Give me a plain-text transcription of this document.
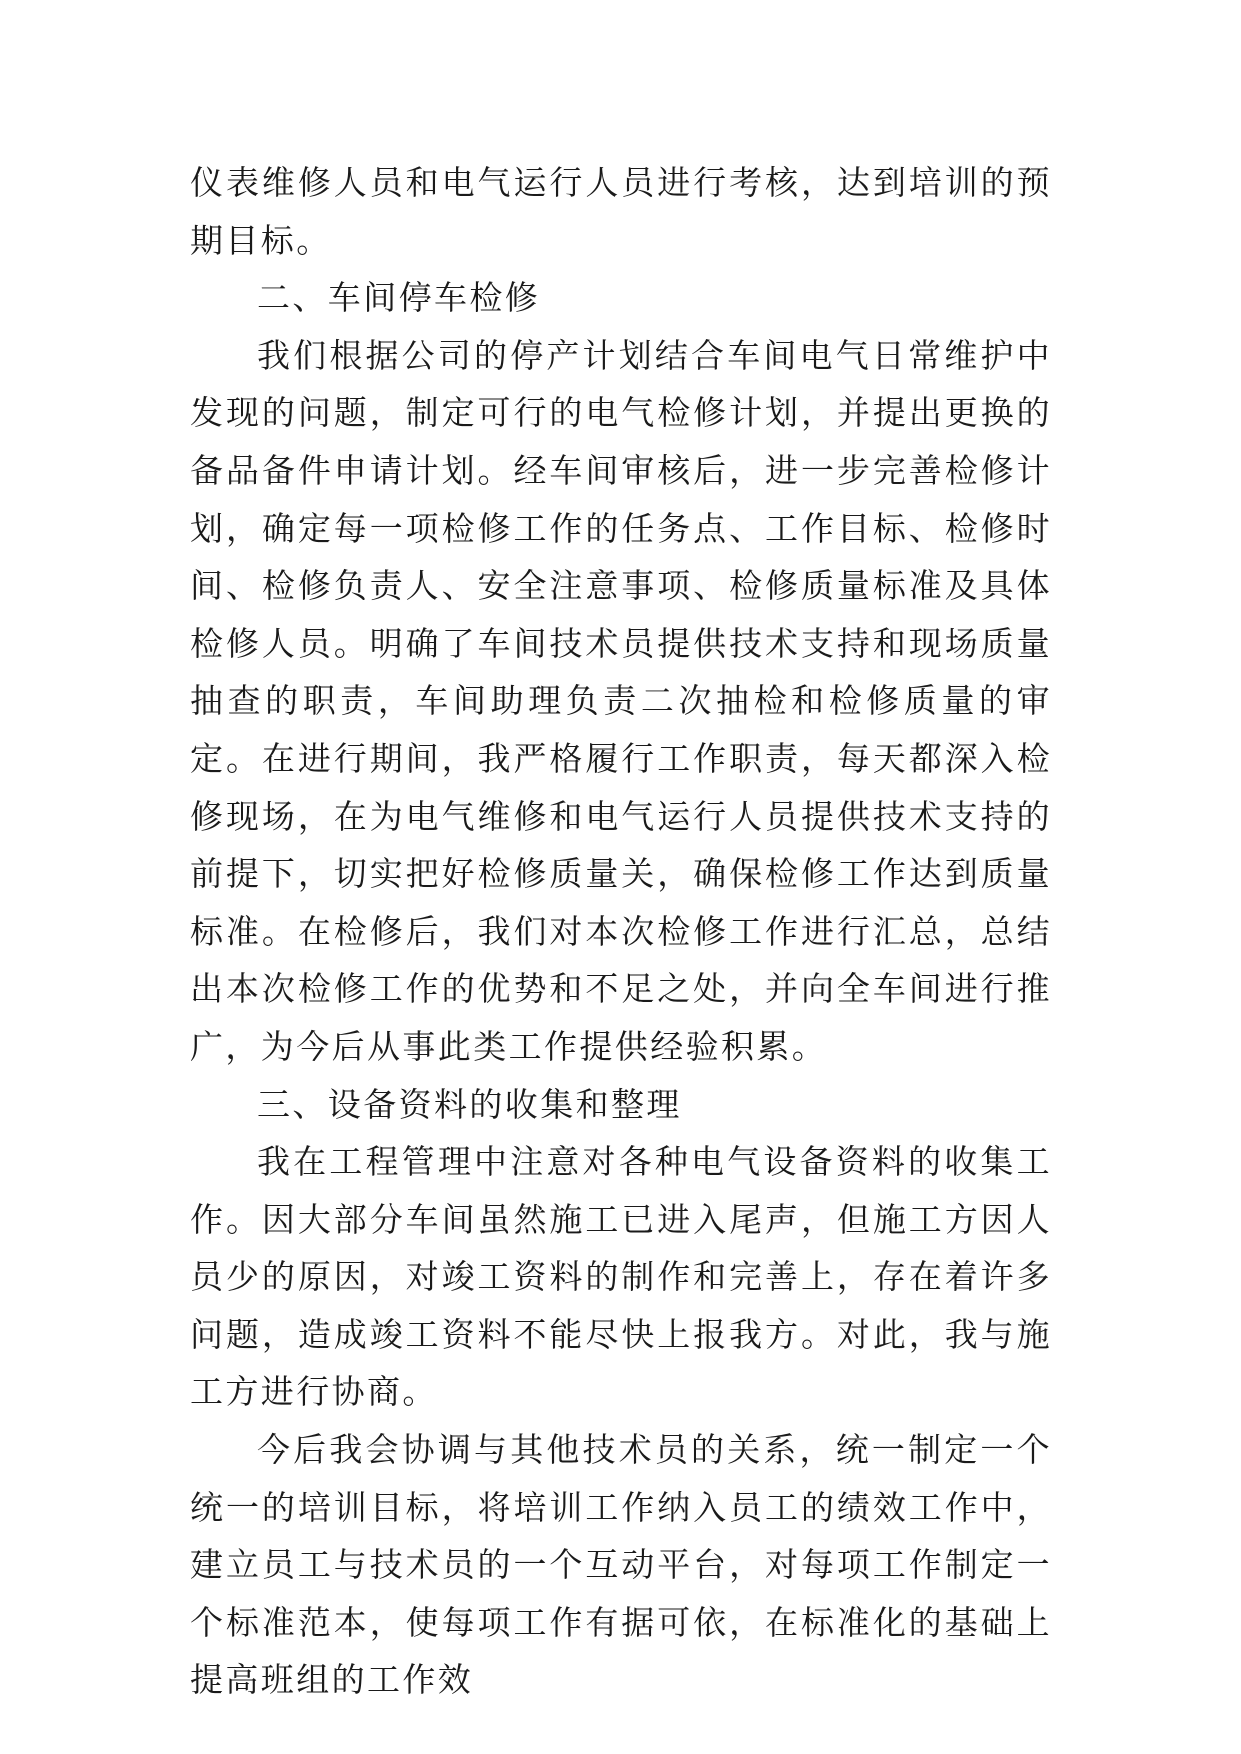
仪表维修人员和电气运行人员进行考核，达到培训的预期目标。

二、车间停车检修

我们根据公司的停产计划结合车间电气日常维护中发现的问题，制定可行的电气检修计划，并提出更换的备品备件申请计划。经车间审核后，进一步完善检修计划，确定每一项检修工作的任务点、工作目标、检修时间、检修负责人、安全注意事项、检修质量标准及具体检修人员。明确了车间技术员提供技术支持和现场质量抽查的职责，车间助理负责二次抽检和检修质量的审定。在进行期间，我严格履行工作职责，每天都深入检修现场，在为电气维修和电气运行人员提供技术支持的前提下，切实把好检修质量关，确保检修工作达到质量标准。在检修后，我们对本次检修工作进行汇总，总结出本次检修工作的优势和不足之处，并向全车间进行推广，为今后从事此类工作提供经验积累。

三、设备资料的收集和整理

我在工程管理中注意对各种电气设备资料的收集工作。因大部分车间虽然施工已进入尾声，但施工方因人员少的原因，对竣工资料的制作和完善上，存在着许多问题，造成竣工资料不能尽快上报我方。对此，我与施工方进行协商。

今后我会协调与其他技术员的关系，统一制定一个统一的培训目标，将培训工作纳入员工的绩效工作中，建立员工与技术员的一个互动平台，对每项工作制定一个标准范本，使每项工作有据可依，在标准化的基础上提高班组的工作效
